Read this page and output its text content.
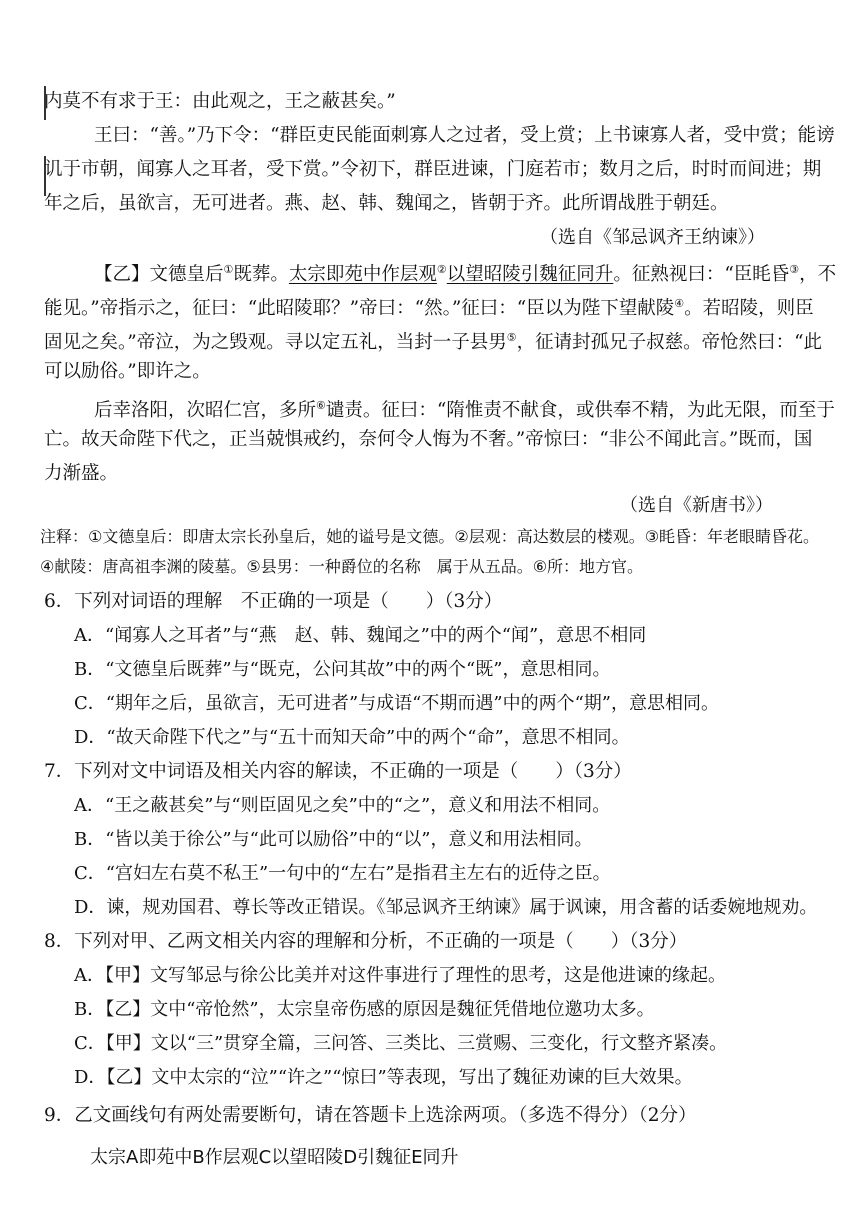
内莫不有求于王：由此观之，王之蔽甚矣。”
王曰：“善。”乃下令：“群臣吏民能面刺寡人之过者，受上赏；上书谏寡人者，受中赏；能谤
讥于市朝，闻寡人之耳者，受下赏。”令初下，群臣进谏，门庭若市；数月之后，时时而间进；期
年之后，虽欲言，无可进者。燕、赵、韩、魏闻之，皆朝于齐。此所谓战胜于朝廷。
（选自《邹忌讽齐王纳谏》）
【乙】文德皇后①既葬。太宗即苑中作层观②以望昭陵引魏征同升。征熟视曰：“臣眊昏③，不
能见。”帝指示之，征曰：“此昭陵耶？”帝曰：“然。”征曰：“臣以为陛下望献陵④。若昭陵，则臣
固见之矣。”帝泣，为之毁观。寻以定五礼，当封一子县男⑤，征请封孤兄子叔慈。帝怆然曰：“此
可以励俗。”即许之。
后幸洛阳，次昭仁宫，多所⑥谴责。征曰：“隋惟责不献食，或供奉不精，为此无限，而至于
亡。故天命陛下代之，正当兢惧戒约，奈何令人悔为不奢。”帝惊曰：“非公不闻此言。”既而，国
力渐盛。
（选自《新唐书》）
注释：①文德皇后：即唐太宗长孙皇后，她的谥号是文德。②层观：高达数层的楼观。③眊昏：年老眼睛昏花。
④献陵：唐高祖李渊的陵墓。⑤县男：一种爵位的名称　属于从五品。⑥所：地方官。
6．下列对词语的理解　不正确的一项是（　　）（3分）
A．“闻寡人之耳者”与“燕　赵、韩、魏闻之”中的两个“闻”，意思不相同
B．“文德皇后既葬”与“既克，公问其故”中的两个“既”，意思相同。
C．“期年之后，虽欲言，无可进者”与成语“不期而遇”中的两个“期”，意思相同。
D．“故天命陛下代之”与“五十而知天命”中的两个“命”，意思不相同。
7．下列对文中词语及相关内容的解读，不正确的一项是（　　）（3分）
A．“王之蔽甚矣”与“则臣固见之矣”中的“之”，意义和用法不相同。
B．“皆以美于徐公”与“此可以励俗”中的“以”，意义和用法相同。
C．“宫妇左右莫不私王”一句中的“左右”是指君主左右的近侍之臣。
D．谏，规劝国君、尊长等改正错误。《邹忌讽齐王纳谏》属于讽谏，用含蓄的话委婉地规劝。
8．下列对甲、乙两文相关内容的理解和分析，不正确的一项是（　　）（3分）
A．【甲】文写邹忌与徐公比美并对这件事进行了理性的思考，这是他进谏的缘起。
B．【乙】文中“帝怆然”，太宗皇帝伤感的原因是魏征凭借地位邀功太多。
C．【甲】文以“三”贯穿全篇，三问答、三类比、三赏赐、三变化，行文整齐紧凑。
D．【乙】文中太宗的“泣”“许之”“惊曰”等表现，写出了魏征劝谏的巨大效果。
9．乙文画线句有两处需要断句，请在答题卡上选涂两项。（多选不得分）（2分）
太宗A即苑中B作层观C以望昭陵D引魏征E同升
